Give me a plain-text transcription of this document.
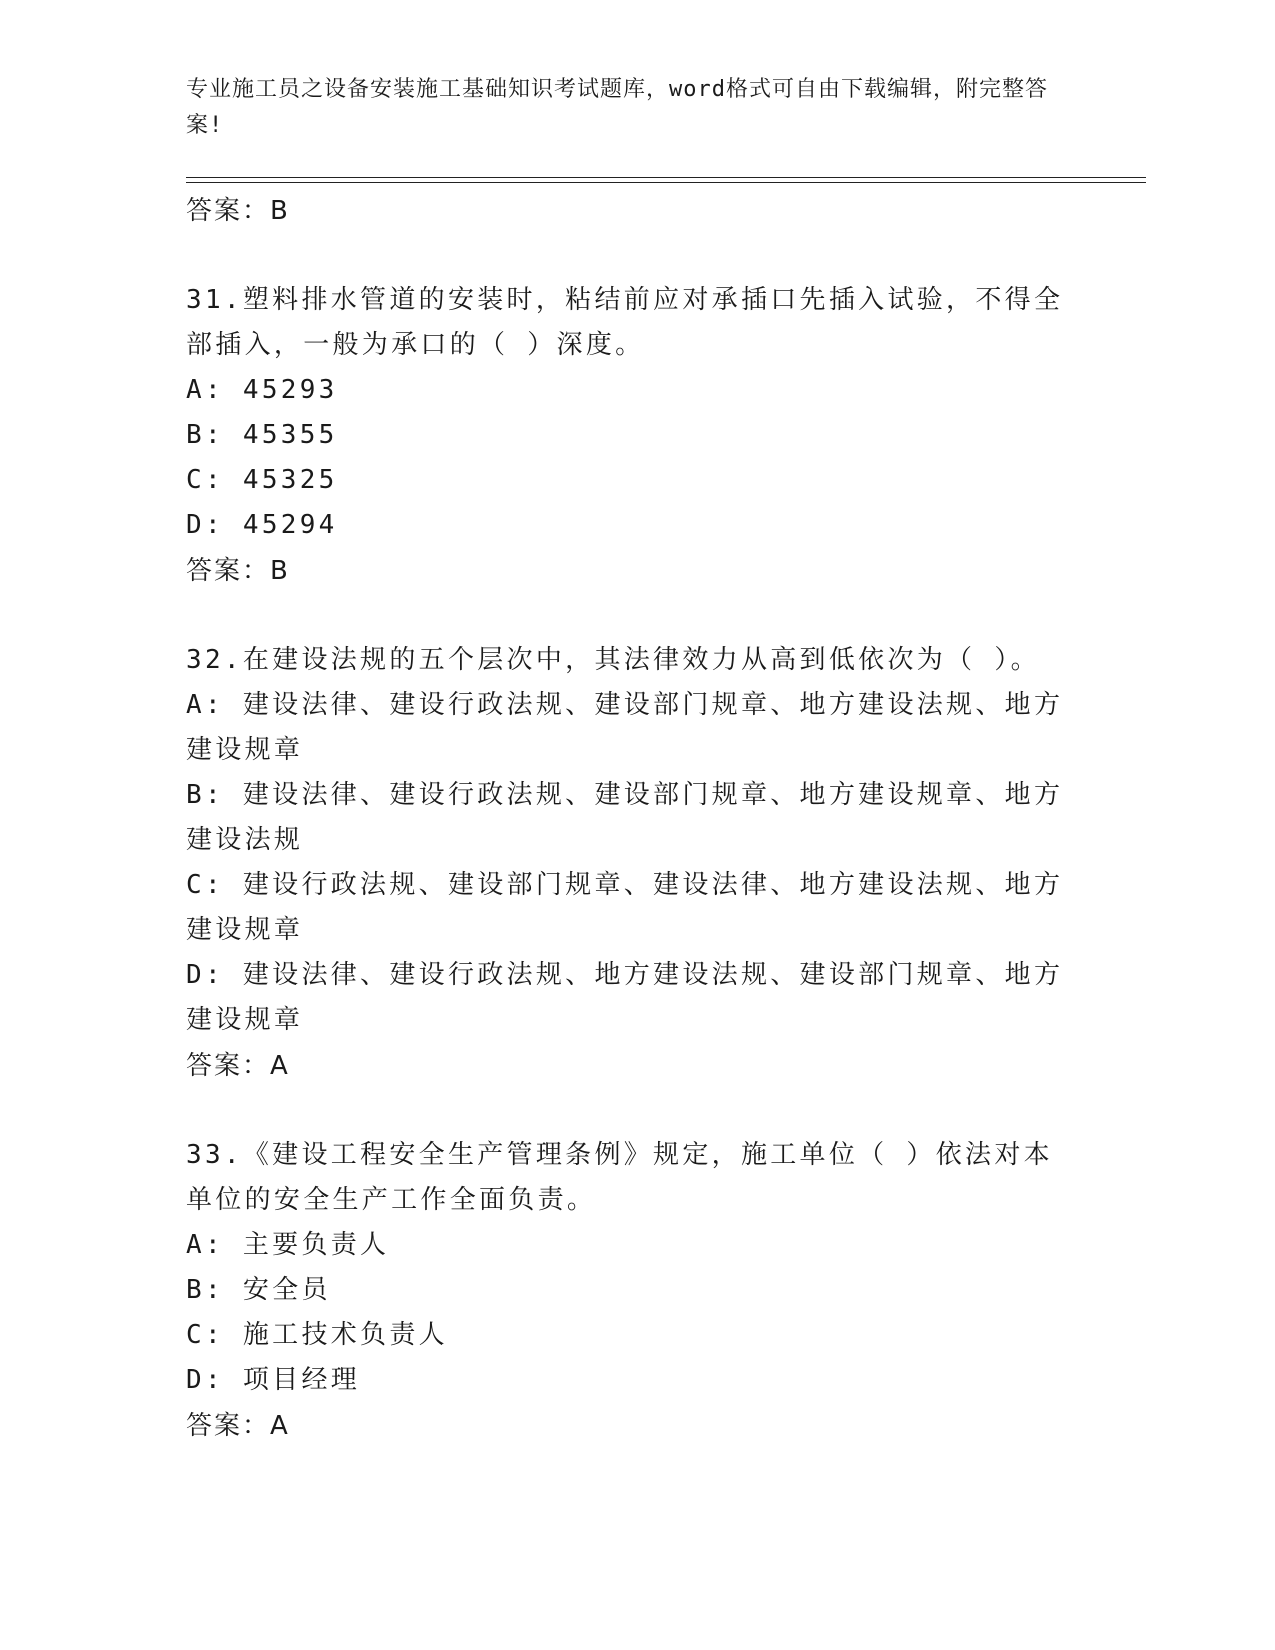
专业施工员之设备安装施工基础知识考试题库，word格式可自由下载编辑，附完整答案!
答案：B
31.塑料排水管道的安装时，粘结前应对承插口先插入试验，不得全部插入，一般为承口的（ ）深度。
A: 45293
B: 45355
C: 45325
D: 45294
答案：B
32.在建设法规的五个层次中，其法律效力从高到低依次为（ ）。
A: 建设法律、建设行政法规、建设部门规章、地方建设法规、地方建设规章
B: 建设法律、建设行政法规、建设部门规章、地方建设规章、地方建设法规
C: 建设行政法规、建设部门规章、建设法律、地方建设法规、地方建设规章
D: 建设法律、建设行政法规、地方建设法规、建设部门规章、地方建设规章
答案：A
33.《建设工程安全生产管理条例》规定，施工单位（ ）依法对本单位的安全生产工作全面负责。
A: 主要负责人
B: 安全员
C: 施工技术负责人
D: 项目经理
答案：A
